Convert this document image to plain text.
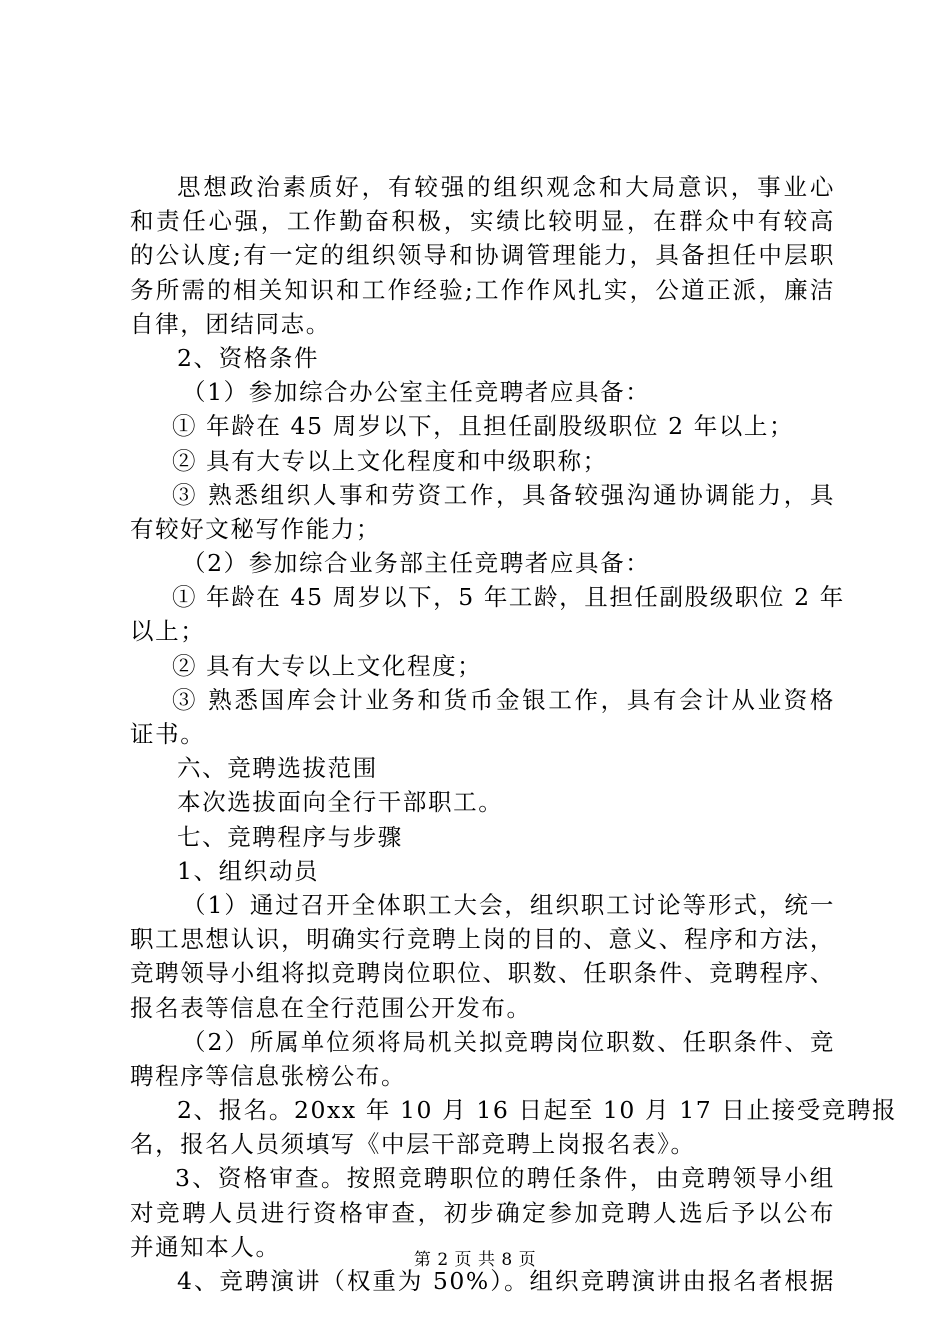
思想政治素质好，有较强的组织观念和大局意识，事业心
和责任心强，工作勤奋积极，实绩比较明显，在群众中有较高
的公认度;有一定的组织领导和协调管理能力，具备担任中层职
务所需的相关知识和工作经验;工作作风扎实，公道正派，廉洁
自律，团结同志。
2、资格条件
（1）参加综合办公室主任竞聘者应具备：
① 年龄在 45 周岁以下，且担任副股级职位 2 年以上；
② 具有大专以上文化程度和中级职称；
③ 熟悉组织人事和劳资工作，具备较强沟通协调能力，具
有较好文秘写作能力；
（2）参加综合业务部主任竞聘者应具备：
① 年龄在 45 周岁以下，5 年工龄，且担任副股级职位 2 年
以上；
② 具有大专以上文化程度；
③ 熟悉国库会计业务和货币金银工作，具有会计从业资格
证书。
六、竞聘选拔范围
本次选拔面向全行干部职工。
七、竞聘程序与步骤
1、组织动员
（1）通过召开全体职工大会，组织职工讨论等形式，统一
职工思想认识，明确实行竞聘上岗的目的、意义、程序和方法，
竞聘领导小组将拟竞聘岗位职位、职数、任职条件、竞聘程序、
报名表等信息在全行范围公开发布。
（2）所属单位须将局机关拟竞聘岗位职数、任职条件、竞
聘程序等信息张榜公布。
2、报名。20xx 年 10 月 16 日起至 10 月 17 日止接受竞聘报
名，报名人员须填写《中层干部竞聘上岗报名表》。
3、资格审查。按照竞聘职位的聘任条件，由竞聘领导小组
对竞聘人员进行资格审查，初步确定参加竞聘人选后予以公布
并通知本人。
4、竞聘演讲（权重为 50%）。组织竞聘演讲由报名者根据
第 2 页 共 8 页
